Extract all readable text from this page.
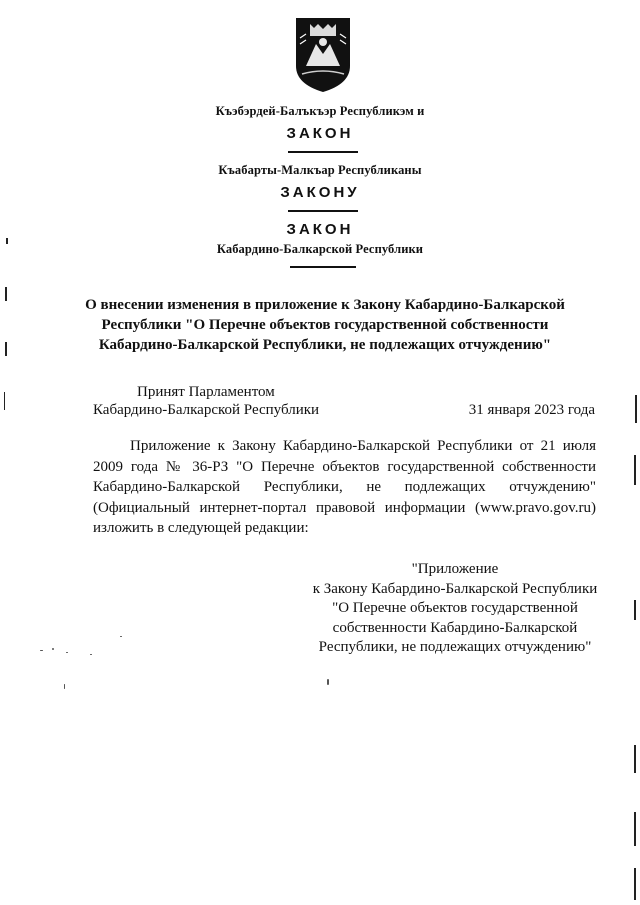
Къэбэрдей-Балъкъэр Республикэм и
ЗАКОН
Къабарты-Малкъар Республиканы
ЗАКОНУ
ЗАКОН
Кабардино-Балкарской Республики
О внесении изменения в приложение к Закону Кабардино-Балкарской
Республики "О Перечне объектов государственной собственности
Кабардино-Балкарской Республики, не подлежащих отчуждению"
Принят Парламентом
Кабардино-Балкарской Республики	31 января 2023 года
Приложение к Закону Кабардино-Балкарской Республики от 21 июля 2009 года № 36-РЗ "О Перечне объектов государственной собственности Кабардино-Балкарской Республики, не подлежащих отчуждению" (Официальный интернет-портал правовой информации (www.pravo.gov.ru) изложить в следующей редакции:
"Приложение
к Закону Кабардино-Балкарской Республики
"О Перечне объектов государственной
собственности Кабардино-Балкарской
Республики, не подлежащих отчуждению"
